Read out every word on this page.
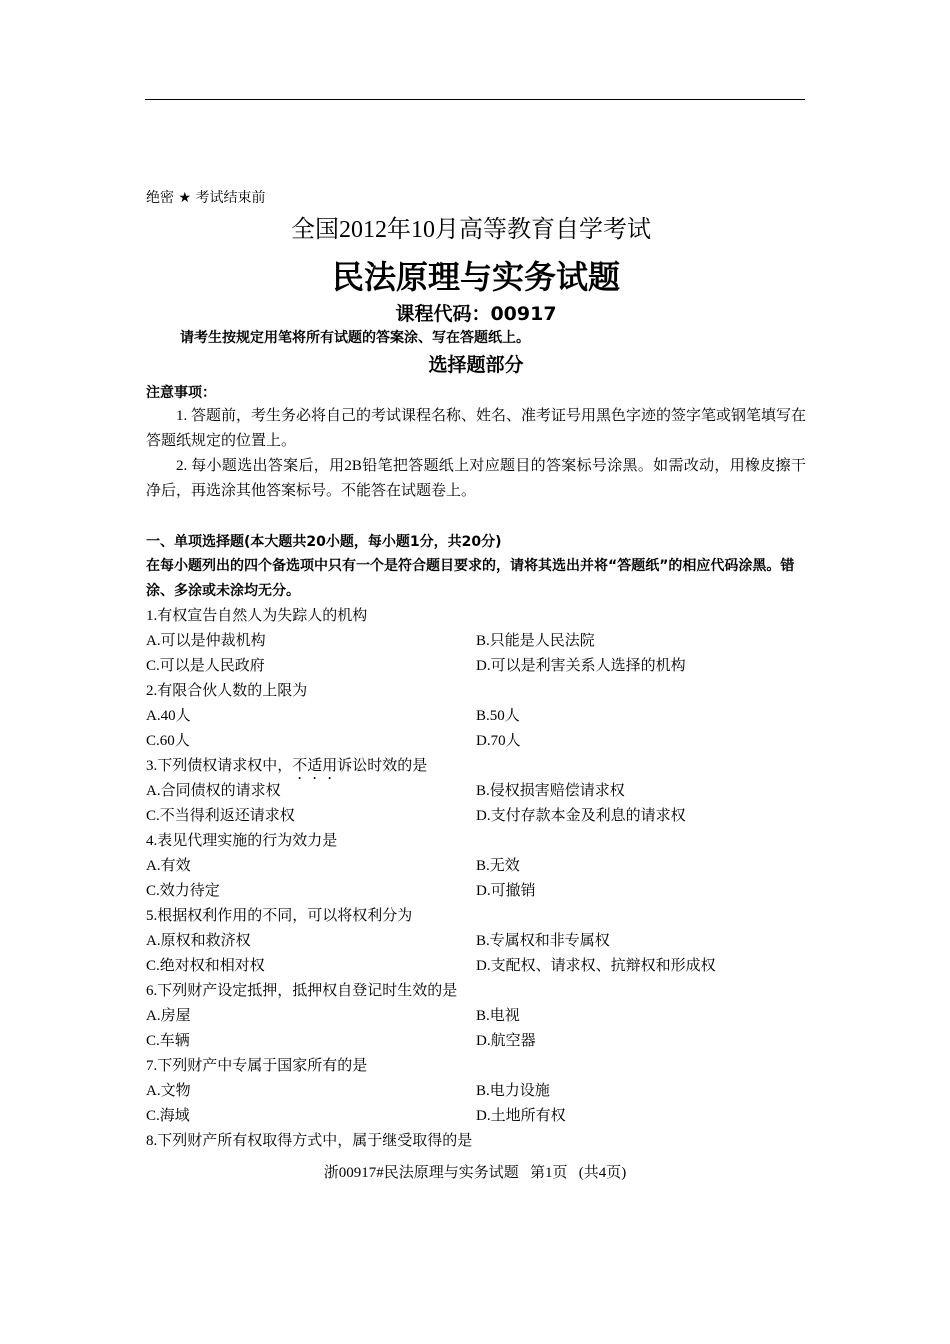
绝密 ★ 考试结束前
全国2012年10月高等教育自学考试
民法原理与实务试题
课程代码：00917
请考生按规定用笔将所有试题的答案涂、写在答题纸上。
选择题部分
注意事项：
1. 答题前，考生务必将自己的考试课程名称、姓名、准考证号用黑色字迹的签字笔或钢笔填写在答题纸规定的位置上。
2. 每小题选出答案后，用2B铅笔把答题纸上对应题目的答案标号涂黑。如需改动，用橡皮擦干净后，再选涂其他答案标号。不能答在试题卷上。
一、单项选择题(本大题共20小题，每小题1分，共20分)
在每小题列出的四个备选项中只有一个是符合题目要求的，请将其选出并将“答题纸”的相应代码涂黑。错涂、多涂或未涂均无分。
1.有权宣告自然人为失踪人的机构
A.可以是仲裁机构	B.只能是人民法院
C.可以是人民政府	D.可以是利害关系人选择的机构
2.有限合伙人数的上限为
A.40人	B.50人
C.60人	D.70人
3.下列债权请求权中，不适用诉讼时效的是
A.合同债权的请求权	B.侵权损害赔偿请求权
C.不当得利返还请求权	D.支付存款本金及利息的请求权
4.表见代理实施的行为效力是
A.有效	B.无效
C.效力待定	D.可撤销
5.根据权利作用的不同，可以将权利分为
A.原权和救济权	B.专属权和非专属权
C.绝对权和相对权	D.支配权、请求权、抗辩权和形成权
6.下列财产设定抵押，抵押权自登记时生效的是
A.房屋	B.电视
C.车辆	D.航空器
7.下列财产中专属于国家所有的是
A.文物	B.电力设施
C.海域	D.土地所有权
8.下列财产所有权取得方式中，属于继受取得的是
浙00917#民法原理与实务试题 第1页 (共4页)
